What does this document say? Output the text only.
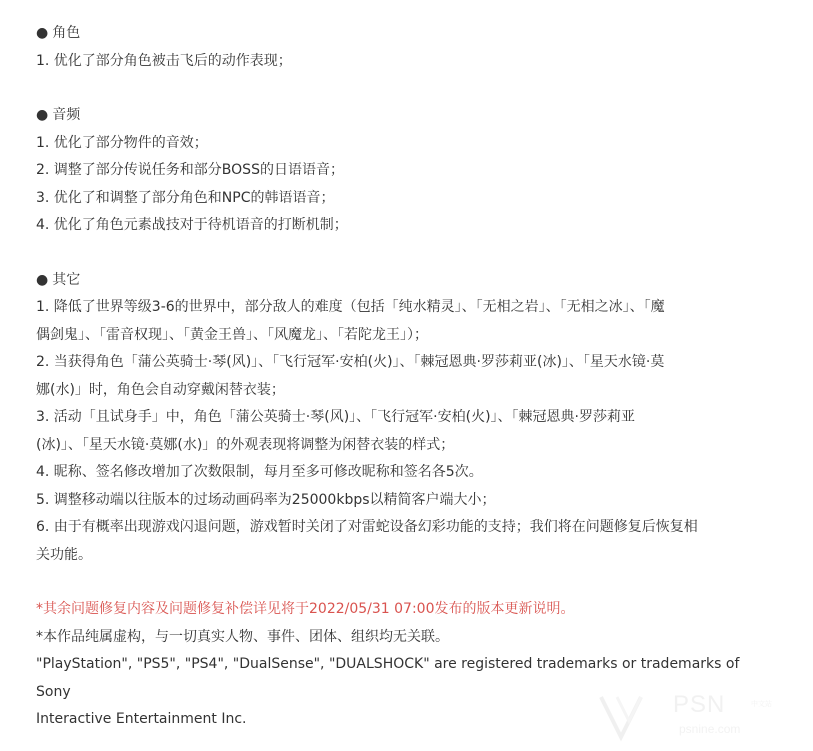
● 角色

1. 优化了部分角色被击飞后的动作表现；

● 音频

1. 优化了部分物件的音效；

2. 调整了部分传说任务和部分BOSS的日语语音；

3. 优化了和调整了部分角色和NPC的韩语语音；

4. 优化了角色元素战技对于待机语音的打断机制；

● 其它

1. 降低了世界等级3-6的世界中，部分敌人的难度（包括「纯水精灵」、「无相之岩」、「无相之冰」、「魔

偶剑鬼」、「雷音权现」、「黄金王兽」、「风魔龙」、「若陀龙王」）；

2. 当获得角色「蒲公英骑士·琴(风)」、「飞行冠军·安柏(火)」、「棘冠恩典·罗莎莉亚(冰)」、「星天水镜·莫

娜(水)」时，角色会自动穿戴闲替衣装；

3. 活动「且试身手」中，角色「蒲公英骑士·琴(风)」、「飞行冠军·安柏(火)」、「棘冠恩典·罗莎莉亚

(冰)」、「星天水镜·莫娜(水)」的外观表现将调整为闲替衣装的样式；

4. 昵称、签名修改增加了次数限制，每月至多可修改昵称和签名各5次。

5. 调整移动端以往版本的过场动画码率为25000kbps以精简客户端大小；

6. 由于有概率出现游戏闪退问题，游戏暂时关闭了对雷蛇设备幻彩功能的支持；我们将在问题修复后恢复相

关功能。

*其余问题修复内容及问题修复补偿详见将于2022/05/31 07:00发布的版本更新说明。

*本作品纯属虚构，与一切真实人物、事件、团体、组织均无关联。

"PlayStation", "PS5", "PS4", "DualSense", "DUALSHOCK" are registered trademarks or trademarks of Sony

Interactive Entertainment Inc.

PSN	中文站
psnine.com
